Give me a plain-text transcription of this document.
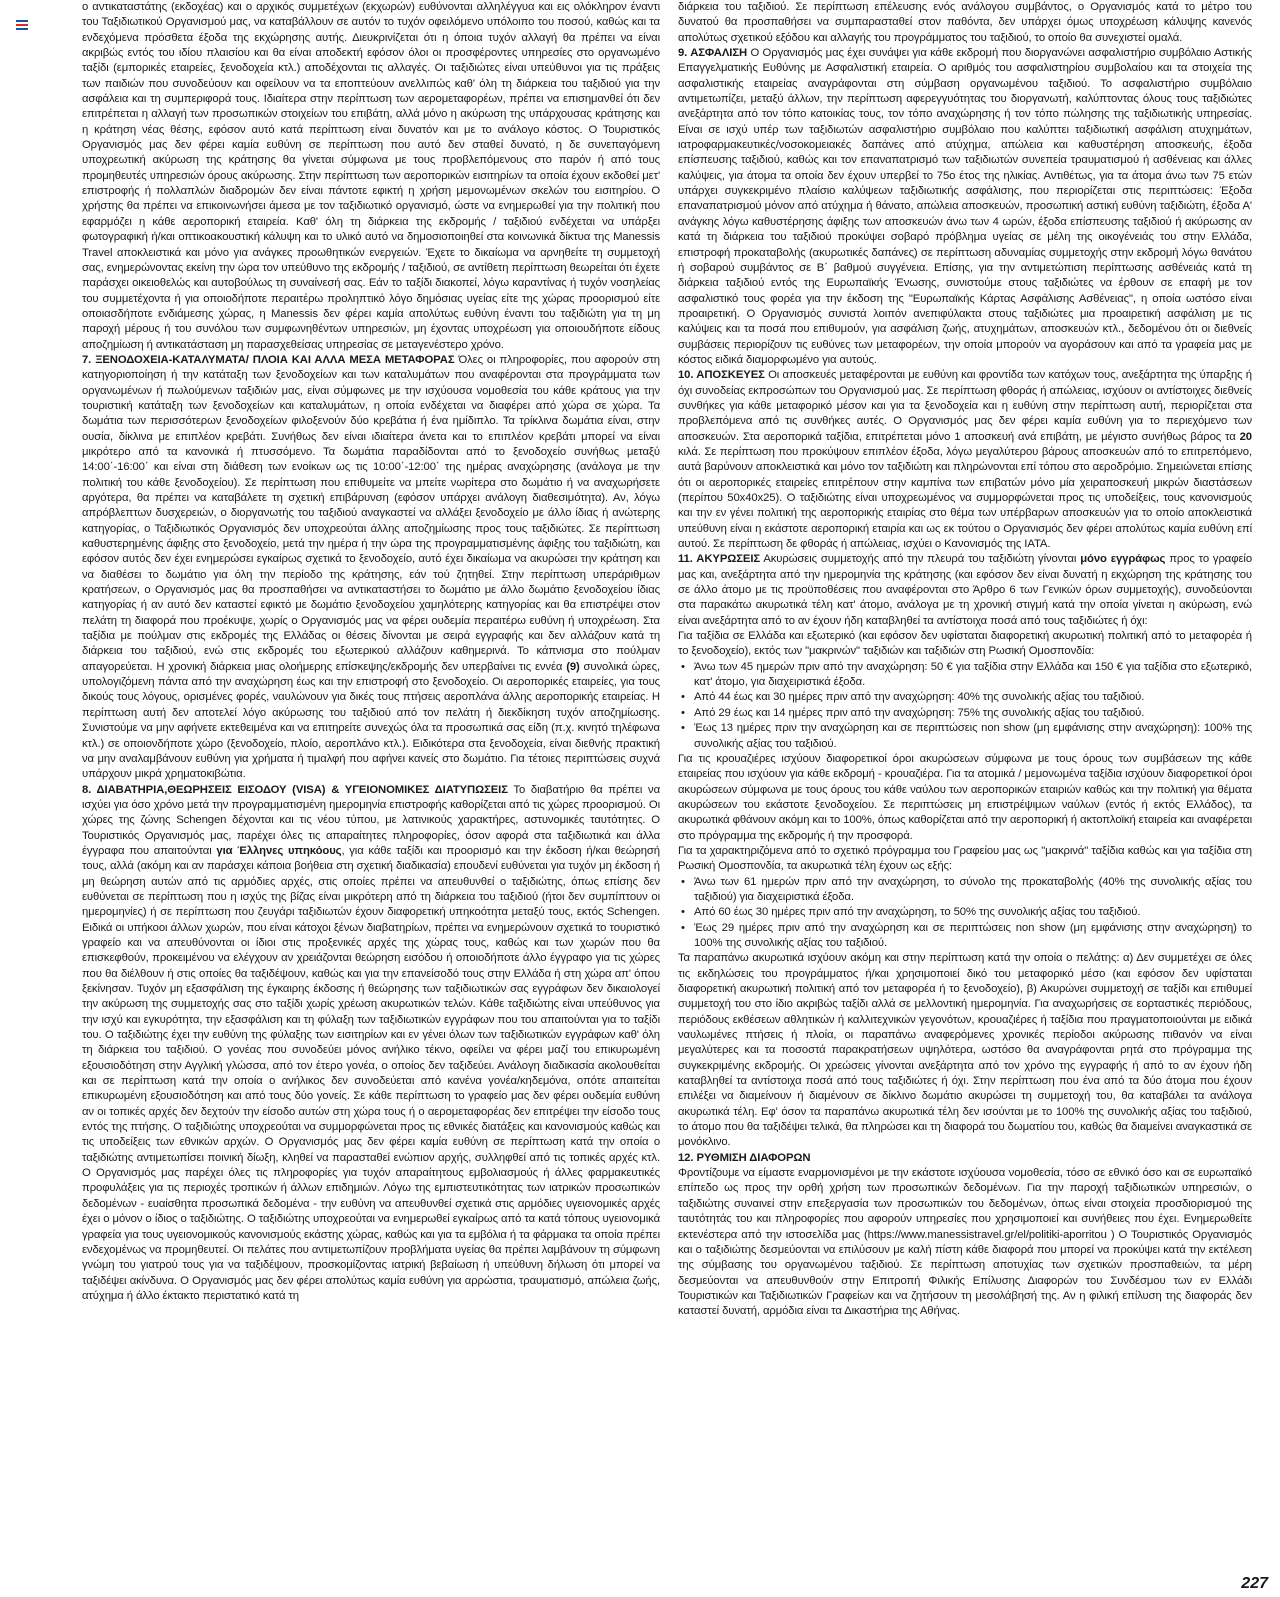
ο αντικαταστάτης (εκδοχέας) και ο αρχικός συμμετέχων (εκχωρών) ευθύνονται αλληλέγγυα και εις ολόκληρον έναντι του Ταξιδιωτικού Οργανισμού μας, να καταβάλλουν σε αυτόν το τυχόν οφειλόμενο υπόλοιπο του ποσού, καθώς και τα ενδεχόμενα πρόσθετα έξοδα της εκχώρησης αυτής. Διευκρινίζεται ότι η όποια τυχόν αλλαγή θα πρέπει να είναι ακριβώς εντός του ιδίου πλαισίου και θα είναι αποδεκτή εφόσον όλοι οι προσφέροντες υπηρεσίες στο οργανωμένο ταξίδι (εμπορικές εταιρείες, ξενοδοχεία κτλ.) αποδέχονται τις αλλαγές. Οι ταξιδιώτες είναι υπεύθυνοι για τις πράξεις των παιδιών που συνοδεύουν και οφείλουν να τα εποπτεύουν ανελλιπώς καθ' όλη τη διάρκεια του ταξιδιού για την ασφάλεια και τη συμπεριφορά τους. Ιδιαίτερα στην περίπτωση των αερομεταφορέων, πρέπει να επισημανθεί ότι δεν επιτρέπεται η αλλαγή των προσωπικών στοιχείων του επιβάτη, αλλά μόνο η ακύρωση της υπάρχουσας κράτησης και η κράτηση νέας θέσης, εφόσον αυτό κατά περίπτωση είναι δυνατόν και με το ανάλογο κόστος. Ο Τουριστικός Οργανισμός μας δεν φέρει καμία ευθύνη σε περίπτωση που αυτό δεν σταθεί δυνατό, η δε συνεπαγόμενη υποχρεωτική ακύρωση της κράτησης θα γίνεται σύμφωνα με τους προβλεπόμενους στο παρόν ή από τους προμηθευτές υπηρεσιών όρους ακύρωσης. Στην περίπτωση των αεροπορικών εισιτηρίων τα οποία έχουν εκδοθεί μετ' επιστροφής ή πολλαπλών διαδρομών δεν είναι πάντοτε εφικτή η χρήση μεμονωμένων σκελών του εισιτηρίου. Ο χρήστης θα πρέπει να επικοινωνήσει άμεσα με τον ταξιδιωτικό οργανισμό, ώστε να ενημερωθεί για την πολιτική που εφαρμόζει η κάθε αεροπορική εταιρεία. Καθ' όλη τη διάρκεια της εκδρομής / ταξιδιού ενδέχεται να υπάρξει φωτογραφική ή/και οπτικοακουστική κάλυψη και το υλικό αυτό να δημοσιοποιηθεί στα κοινωνικά δίκτυα της Manessis Travel αποκλειστικά και μόνο για ανάγκες προωθητικών ενεργειών. Έχετε το δικαίωμα να αρνηθείτε τη συμμετοχή σας, ενημερώνοντας εκείνη την ώρα τον υπεύθυνο της εκδρομής / ταξιδιού, σε αντίθετη περίπτωση θεωρείται ότι έχετε παράσχει οικειοθελώς και αυτοβούλως τη συναίνεσή σας. Εάν το ταξίδι διακοπεί, λόγω καραντίνας ή τυχόν νοσηλείας του συμμετέχοντα ή για οποιοδήποτε περαιτέρω προληπτικό λόγο δημόσιας υγείας είτε της χώρας προορισμού είτε οποιασδήποτε ενδιάμεσης χώρας, η Manessis δεν φέρει καμία απολύτως ευθύνη έναντι του ταξιδιώτη για τη μη παροχή μέρους ή του συνόλου των συμφωνηθέντων υπηρεσιών, μη έχοντας υποχρέωση για οποιουδήποτε είδους αποζημίωση ή αντικατάσταση μη παρασχεθείσας υπηρεσίας σε μεταγενέστερο χρόνο.

7. ΞΕΝΟΔΟΧΕΙΑ-ΚΑΤΑΛΥΜΑΤΑ/ ΠΛΟΙΑ ΚΑΙ ΑΛΛΑ ΜΕΣΑ ΜΕΤΑΦΟΡΑΣ Όλες οι πληροφορίες, που αφορούν στη κατηγοριοποίηση ή την κατάταξη των ξενοδοχείων και των καταλυμάτων που αναφέρονται στα προγράμματα των οργανωμένων ή πωλούμενων ταξιδιών μας, είναι σύμφωνες με την ισχύουσα νομοθεσία του κάθε κράτους για την τουριστική κατάταξη των ξενοδοχείων και καταλυμάτων, η οποία ενδέχεται να διαφέρει από χώρα σε χώρα. Τα δωμάτια των περισσότερων ξενοδοχείων φιλοξενούν δύο κρεβάτια ή ένα ημίδιπλο. Τα τρίκλινα δωμάτια είναι, στην ουσία, δίκλινα με επιπλέον κρεβάτι. Συνήθως δεν είναι ιδιαίτερα άνετα και το επιπλέον κρεβάτι μπορεί να είναι μικρότερο από τα κανονικά ή πτυσσόμενο. Τα δωμάτια παραδίδονται από το ξενοδοχείο συνήθως μεταξύ 14:00΄-16:00΄ και είναι στη διάθεση των ενοίκων ως τις 10:00΄-12:00΄ της ημέρας αναχώρησης (ανάλογα με την πολιτική του κάθε ξενοδοχείου). Σε περίπτωση που επιθυμείτε να μπείτε νωρίτερα στο δωμάτιο ή να αναχωρήσετε αργότερα, θα πρέπει να καταβάλετε τη σχετική επιβάρυνση (εφόσον υπάρχει ανάλογη διαθεσιμότητα). Αν, λόγω απρόβλεπτων δυσχερειών, ο διοργανωτής του ταξιδιού αναγκαστεί να αλλάξει ξενοδοχείο με άλλο ίδιας ή ανώτερης κατηγορίας, ο Ταξιδιωτικός Οργανισμός δεν υποχρεούται άλλης αποζημίωσης προς τους ταξιδιώτες. Σε περίπτωση καθυστερημένης άφιξης στο ξενοδοχείο, μετά την ημέρα ή την ώρα της προγραμματισμένης άφιξης του ταξιδιώτη, και εφόσον αυτός δεν έχει ενημερώσει εγκαίρως σχετικά το ξενοδοχείο, αυτό έχει δικαίωμα να ακυρώσει την κράτηση και να διαθέσει το δωμάτιο για όλη την περίοδο της κράτησης, εάν τού ζητηθεί. Στην περίπτωση υπεράριθμων κρατήσεων, ο Οργανισμός μας θα προσπαθήσει να αντικαταστήσει το δωμάτιο με άλλο δωμάτιο ξενοδοχείου ίδιας κατηγορίας ή αν αυτό δεν καταστεί εφικτό με δωμάτιο ξενοδοχείου χαμηλότερης κατηγορίας και θα επιστρέψει στον πελάτη τη διαφορά που προέκυψε, χωρίς ο Οργανισμός μας να φέρει ουδεμία περαιτέρω ευθύνη ή υποχρέωση. Στα ταξίδια με πούλμαν στις εκδρομές της Ελλάδας οι θέσεις δίνονται με σειρά εγγραφής και δεν αλλάζουν κατά τη διάρκεια του ταξιδιού, ενώ στις εκδρομές του εξωτερικού αλλάζουν καθημερινά. Το κάπνισμα στο πούλμαν απαγορεύεται. Η χρονική διάρκεια μιας ολοήμερης επίσκεψης/εκδρομής δεν υπερβαίνει τις εννέα (9) συνολικά ώρες, υπολογιζόμενη πάντα από την αναχώρηση έως και την επιστροφή στο ξενοδοχείο. Οι αεροπορικές εταιρείες, για τους δικούς τους λόγους, ορισμένες φορές, ναυλώνουν για δικές τους πτήσεις αεροπλάνα άλλης αεροπορικής εταιρείας. Η περίπτωση αυτή δεν αποτελεί λόγο ακύρωσης του ταξιδιού από τον πελάτη ή διεκδίκηση τυχόν αποζημίωσης. Συνιστούμε να μην αφήνετε εκτεθειμένα και να επιτηρείτε συνεχώς όλα τα προσωπικά σας είδη (π.χ. κινητό τηλέφωνα κτλ.) σε οποιονδήποτε χώρο (ξενοδοχείο, πλοίο, αεροπλάνο κτλ.). Ειδικότερα στα ξενοδοχεία, είναι διεθνής πρακτική να μην αναλαμβάνουν ευθύνη για χρήματα ή τιμαλφή που αφήνει κανείς στο δωμάτιο. Για τέτοιες περιπτώσεις συχνά υπάρχουν μικρά χρηματοκιβώτια.

8. ΔΙΑΒΑΤΗΡΙΑ,ΘΕΩΡΗΣΕΙΣ ΕΙΣΟΔΟΥ (VISA) & ΥΓΕΙΟΝΟΜΙΚΕΣ ΔΙΑΤΥΠΩΣΕΙΣ Το διαβατήριο θα πρέπει να ισχύει για όσο χρόνο μετά την προγραμματισμένη ημερομηνία επιστροφής καθορίζεται από τις χώρες προορισμού. Οι χώρες της ζώνης Schengen δέχονται και τις νέου τύπου, με λατινικούς χαρακτήρες, αστυνομικές ταυτότητες. Ο Τουριστικός Οργανισμός μας, παρέχει όλες τις απαραίτητες πληροφορίες, όσον αφορά στα ταξιδιωτικά και άλλα έγγραφα που απαιτούνται για Έλληνες υπηκόους, για κάθε ταξίδι και προορισμό και την έκδοση ή/και θεώρησή τους, αλλά (ακόμη και αν παράσχει κάποια βοήθεια στη σχετική διαδικασία) επουδενί ευθύνεται για τυχόν μη έκδοση ή μη θεώρηση αυτών από τις αρμόδιες αρχές, στις οποίες πρέπει να απευθυνθεί ο ταξιδιώτης, όπως επίσης δεν ευθύνεται σε περίπτωση που η ισχύς της βίζας είναι μικρότερη από τη διάρκεια του ταξιδιού (ήτοι δεν συμπίπτουν οι ημερομηνίες) ή σε περίπτωση που ζευγάρι ταξιδιωτών έχουν διαφορετική υπηκοότητα μεταξύ τους, εκτός Schengen. Ειδικά οι υπήκοοι άλλων χωρών, που είναι κάτοχοι ξένων διαβατηρίων, πρέπει να ενημερώνουν σχετικά το τουριστικό γραφείο και να απευθύνονται οι ίδιοι στις προξενικές αρχές της χώρας τους, καθώς και των χωρών που θα επισκεφθούν, προκειμένου να ελέγχουν αν χρειάζονται θεώρηση εισόδου ή οποιοδήποτε άλλο έγγραφο για τις χώρες που θα διέλθουν ή στις οποίες θα ταξιδέψουν, καθώς και για την επανείσοδό τους στην Ελλάδα ή στη χώρα απ' όπου ξεκίνησαν. Τυχόν μη εξασφάλιση της έγκαιρης έκδοσης ή θεώρησης των ταξιδιωτικών σας εγγράφων δεν δικαιολογεί την ακύρωση της συμμετοχής σας στο ταξίδι χωρίς χρέωση ακυρωτικών τελών. Κάθε ταξιδιώτης είναι υπεύθυνος για την ισχύ και εγκυρότητα, την εξασφάλιση και τη φύλαξη των ταξιδιωτικών εγγράφων που του απαιτούνται για το ταξίδι του. Ο ταξιδιώτης έχει την ευθύνη της φύλαξης των εισιτηρίων και εν γένει όλων των ταξιδιωτικών εγγράφων καθ' όλη τη διάρκεια του ταξιδιού. Ο γονέας που συνοδεύει μόνος ανήλικο τέκνο, οφείλει να φέρει μαζί του επικυρωμένη εξουσιοδότηση στην Αγγλική γλώσσα, από τον έτερο γονέα, ο οποίος δεν ταξιδεύει. Ανάλογη διαδικασία ακολουθείται και σε περίπτωση κατά την οποία ο ανήλικος δεν συνοδεύεται από κανένα γονέα/κηδεμόνα, οπότε απαιτείται επικυρωμένη εξουσιοδότηση και από τους δύο γονείς. Σε κάθε περίπτωση το γραφείο μας δεν φέρει ουδεμία ευθύνη αν οι τοπικές αρχές δεν δεχτούν την είσοδο αυτών στη χώρα τους ή ο αερομεταφορέας δεν επιτρέψει την είσοδο τους εντός της πτήσης. Ο ταξιδιώτης υποχρεούται να συμμορφώνεται προς τις εθνικές διατάξεις και κανονισμούς καθώς και τις υποδείξεις των εθνικών αρχών. Ο Οργανισμός μας δεν φέρει καμία ευθύνη σε περίπτωση κατά την οποία ο ταξιδιώτης αντιμετωπίσει ποινική δίωξη, κληθεί να παρασταθεί ενώπιον αρχής, συλληφθεί από τις τοπικές αρχές κτλ. Ο Οργανισμός μας παρέχει όλες τις πληροφορίες για τυχόν απαραίτητους εμβολιασμούς ή άλλες φαρμακευτικές προφυλάξεις για τις περιοχές τροπικών ή άλλων επιδημιών. Λόγω της εμπιστευτικότητας των ιατρικών προσωπικών δεδομένων - ευαίσθητα προσωπικά δεδομένα - την ευθύνη να απευθυνθεί σχετικά στις αρμόδιες υγειονομικές αρχές έχει ο μόνον ο ίδιος ο ταξιδιώτης. Ο ταξιδιώτης υποχρεούται να ενημερωθεί εγκαίρως από τα κατά τόπους υγειονομικά γραφεία για τους υγειονομικούς κανονισμούς εκάστης χώρας, καθώς και για τα εμβόλια ή τα φάρμακα τα οποία πρέπει ενδεχομένως να προμηθευτεί. Οι πελάτες που αντιμετωπίζουν προβλήματα υγείας θα πρέπει λαμβάνουν τη σύμφωνη γνώμη του γιατρού τους για να ταξιδέψουν, προσκομίζοντας ιατρική βεβαίωση ή υπεύθυνη δήλωση ότι μπορεί να ταξιδέψει ακίνδυνα. Ο Οργανισμός μας δεν φέρει απολύτως καμία ευθύνη για αρρώστια, τραυματισμό, απώλεια ζωής, ατύχημα ή άλλο έκτακτο περιστατικό κατά τη

διάρκεια του ταξιδιού. Σε περίπτωση επέλευσης ενός ανάλογου συμβάντος, ο Οργανισμός κατά το μέτρο του δυνατού θα προσπαθήσει να συμπαρασταθεί στον παθόντα, δεν υπάρχει όμως υποχρέωση κάλυψης κανενός απολύτως σχετικού εξόδου και αλλαγής του προγράμματος του ταξιδιού, το οποίο θα συνεχιστεί ομαλά.

9. ΑΣΦΑΛΙΣΗ Ο Οργανισμός μας έχει συνάψει για κάθε εκδρομή που διοργανώνει ασφαλιστήριο συμβόλαιο Αστικής Επαγγελματικής Ευθύνης με Ασφαλιστική εταιρεία. Ο αριθμός του ασφαλιστηρίου συμβολαίου και τα στοιχεία της ασφαλιστικής εταιρείας αναγράφονται στη σύμβαση οργανωμένου ταξιδιού. Το ασφαλιστήριο συμβόλαιο αντιμετωπίζει, μεταξύ άλλων, την περίπτωση αφερεγγυότητας του διοργανωτή, καλύπτοντας όλους τους ταξιδιώτες ανεξάρτητα από τον τόπο κατοικίας τους, τον τόπο αναχώρησης ή τον τόπο πώλησης της ταξιδιωτικής υπηρεσίας. Είναι σε ισχύ υπέρ των ταξιδιωτών ασφαλιστήριο συμβόλαιο που καλύπτει ταξιδιωτική ασφάλιση ατυχημάτων, ιατροφαρμακευτικές/νοσοκομειακές δαπάνες από ατύχημα, απώλεια και καθυστέρηση αποσκευής, έξοδα επίσπευσης ταξιδιού, καθώς και τον επαναπατρισμό των ταξιδιωτών συνεπεία τραυματισμού ή ασθένειας και άλλες καλύψεις, για άτομα τα οποία δεν έχουν υπερβεί το 75ο έτος της ηλικίας. Αντιθέτως, για τα άτομα άνω των 75 ετών υπάρχει συγκεκριμένο πλαίσιο καλύψεων ταξιδιωτικής ασφάλισης, που περιορίζεται στις περιπτώσεις: Έξοδα επαναπατρισμού μόνον από ατύχημα ή θάνατο, απώλεια αποσκευών, προσωπική αστική ευθύνη ταξιδιώτη, έξοδα Α' ανάγκης λόγω καθυστέρησης άφιξης των αποσκευών άνω των 4 ωρών, έξοδα επίσπευσης ταξιδιού ή ακύρωσης αν κατά τη διάρκεια του ταξιδιού προκύψει σοβαρό πρόβλημα υγείας σε μέλη της οικογένειάς του στην Ελλάδα, επιστροφή προκαταβολής (ακυρωτικές δαπάνες) σε περίπτωση αδυναμίας συμμετοχής στην εκδρομή λόγω θανάτου ή σοβαρού συμβάντος σε Β΄ βαθμού συγγένεια. Επίσης, για την αντιμετώπιση περίπτωσης ασθένειάς κατά τη διάρκεια ταξιδιού εντός της Ευρωπαϊκής Ένωσης, συνιστούμε στους ταξιδιώτες να έρθουν σε επαφή με τον ασφαλιστικό τους φορέα για την έκδοση της "Ευρωπαϊκής Κάρτας Ασφάλισης Ασθένειας", η οποία ωστόσο είναι προαιρετική. Ο Οργανισμός συνιστά λοιπόν ανεπιφύλακτα στους ταξιδιώτες μια προαιρετική ασφάλιση με τις καλύψεις και τα ποσά που επιθυμούν, για ασφάλιση ζωής, ατυχημάτων, αποσκευών κτλ., δεδομένου ότι οι διεθνείς συμβάσεις περιορίζουν τις ευθύνες των μεταφορέων, την οποία μπορούν να αγοράσουν και από τα γραφεία μας με κόστος ειδικά διαμορφωμένο για αυτούς.

10. ΑΠΟΣΚΕΥΕΣ Οι αποσκευές μεταφέρονται με ευθύνη και φροντίδα των κατόχων τους, ανεξάρτητα της ύπαρξης ή όχι συνοδείας εκπροσώπων του Οργανισμού μας. Σε περίπτωση φθοράς ή απώλειας, ισχύουν οι αντίστοιχες διεθνείς συνθήκες για κάθε μεταφορικό μέσον και για τα ξενοδοχεία και η ευθύνη στην περίπτωση αυτή, περιορίζεται στα προβλεπόμενα από τις συνθήκες αυτές. Ο Οργανισμός μας δεν φέρει καμία ευθύνη για το περιεχόμενο των αποσκευών. Στα αεροπορικά ταξίδια, επιτρέπεται μόνο 1 αποσκευή ανά επιβάτη, με μέγιστο συνήθως βάρος τα 20 κιλά. Σε περίπτωση που προκύψουν επιπλέον έξοδα, λόγω μεγαλύτερου βάρους αποσκευών από το επιτρεπόμενο, αυτά βαρύνουν αποκλειστικά και μόνο τον ταξιδιώτη και πληρώνονται επί τόπου στο αεροδρόμιο. Σημειώνεται επίσης ότι οι αεροπορικές εταιρείες επιτρέπουν στην καμπίνα των επιβατών μόνο μία χειραποσκευή μικρών διαστάσεων (περίπου 50x40x25). Ο ταξιδιώτης είναι υποχρεωμένος να συμμορφώνεται προς τις υποδείξεις, τους κανονισμούς και την εν γένει πολιτική της αεροπορικής εταιρίας στο θέμα των υπέρβαρων αποσκευών για το οποίο αποκλειστικά υπεύθυνη είναι η εκάστοτε αεροπορική εταιρία και ως εκ τούτου ο Οργανισμός δεν φέρει απολύτως καμία ευθύνη επί αυτού. Σε περίπτωση δε φθοράς ή απώλειας, ισχύει ο Κανονισμός της ΙΑΤΑ.

11. ΑΚΥΡΩΣΕΙΣ Ακυρώσεις συμμετοχής από την πλευρά του ταξιδιώτη γίνονται μόνο εγγράφως προς το γραφείο μας και, ανεξάρτητα από την ημερομηνία της κράτησης (και εφόσον δεν είναι δυνατή η εκχώρηση της κράτησης του σε άλλο άτομο με τις προϋποθέσεις που αναφέρονται στο Άρθρο 6 των Γενικών όρων συμμετοχής), συνοδεύονται στα παρακάτω ακυρωτικά τέλη κατ' άτομο, ανάλογα με τη χρονική στιγμή κατά την οποία γίνεται η ακύρωση, ενώ είναι ανεξάρτητα από το αν έχουν ήδη καταβληθεί τα αντίστοιχα ποσά από τους ταξιδιώτες ή όχι:

Για ταξίδια σε Ελλάδα και εξωτερικό (και εφόσον δεν υφίσταται διαφορετική ακυρωτική πολιτική από το μεταφορέα ή το ξενοδοχείο), εκτός των "μακρινών" ταξιδιών και ταξιδιών στη Ρωσική Ομοσπονδία:

• Άνω των 45 ημερών πριν από την αναχώρηση: 50 € για ταξίδια στην Ελλάδα και 150 € για ταξίδια στο εξωτερικό, κατ' άτομο, για διαχειριστικά έξοδα.
• Από 44 έως και 30 ημέρες πριν από την αναχώρηση: 40% της συνολικής αξίας του ταξιδιού.
• Από 29 έως και 14 ημέρες πριν από την αναχώρηση: 75% της συνολικής αξίας του ταξιδιού.
• Έως 13 ημέρες πριν την αναχώρηση και σε περιπτώσεις non show (μη εμφάνισης στην αναχώρηση): 100% της συνολικής αξίας του ταξιδιού.

Για τις κρουαζιέρες ισχύουν διαφορετικοί όροι ακυρώσεων σύμφωνα με τους όρους των συμβάσεων της κάθε εταιρείας που ισχύουν για κάθε εκδρομή - κρουαζιέρα. Για τα ατομικά / μεμονωμένα ταξίδια ισχύουν διαφορετικοί όροι ακυρώσεων σύμφωνα με τους όρους του κάθε ναύλου των αεροπορικών εταιριών καθώς και την πολιτική για θέματα ακυρώσεων του εκάστοτε ξενοδοχείου. Σε περιπτώσεις μη επιστρέψιμων ναύλων (εντός ή εκτός Ελλάδος), τα ακυρωτικά φθάνουν ακόμη και το 100%, όπως καθορίζεται από την αεροπορική ή ακτοπλοϊκή εταιρεία και αναφέρεται στο πρόγραμμα της εκδρομής ή την προσφορά.

Για τα χαρακτηριζόμενα από το σχετικό πρόγραμμα του Γραφείου μας ως "μακρινά" ταξίδια καθώς και για ταξίδια στη Ρωσική Ομοσπονδία, τα ακυρωτικά τέλη έχουν ως εξής:

• Άνω των 61 ημερών πριν από την αναχώρηση, το σύνολο της προκαταβολής (40% της συνολικής αξίας του ταξιδιού) για διαχειριστικά έξοδα.
• Από 60 έως 30 ημέρες πριν από την αναχώρηση, το 50% της συνολικής αξίας του ταξιδιού.
• Έως 29 ημέρες πριν από την αναχώρηση και σε περιπτώσεις non show (μη εμφάνισης στην αναχώρηση) το 100% της συνολικής αξίας του ταξιδιού.

Τα παραπάνω ακυρωτικά ισχύουν ακόμη και στην περίπτωση κατά την οποία ο πελάτης: α) Δεν συμμετέχει σε όλες τις εκδηλώσεις του προγράμματος ή/και χρησιμοποιεί δικό του μεταφορικό μέσο (και εφόσον δεν υφίσταται διαφορετική ακυρωτική πολιτική από τον μεταφορέα ή το ξενοδοχείο), β) Ακυρώνει συμμετοχή σε ταξίδι και επιθυμεί συμμετοχή του στο ίδιο ακριβώς ταξίδι αλλά σε μελλοντική ημερομηνία. Για αναχωρήσεις σε εορταστικές περιόδους, περιόδους εκθέσεων αθλητικών ή καλλιτεχνικών γεγονότων, κρουαζιέρες ή ταξίδια που πραγματοποιούνται με ειδικά ναυλωμένες πτήσεις ή πλοία, οι παραπάνω αναφερόμενες χρονικές περίοδοι ακύρωσης πιθανόν να είναι μεγαλύτερες και τα ποσοστά παρακρατήσεων υψηλότερα, ωστόσο θα αναγράφονται ρητά στο πρόγραμμα της συγκεκριμένης εκδρομής. Οι χρεώσεις γίνονται ανεξάρτητα από τον χρόνο της εγγραφής ή από το αν έχουν ήδη καταβληθεί τα αντίστοιχα ποσά από τους ταξιδιώτες ή όχι. Στην περίπτωση που ένα από τα δύο άτομα που έχουν επιλέξει να διαμείνουν ή διαμένουν σε δίκλινο δωμάτιο ακυρώσει τη συμμετοχή του, θα καταβάλει τα ανάλογα ακυρωτικά τέλη. Εφ' όσον τα παραπάνω ακυρωτικά τέλη δεν ισούνται με το 100% της συνολικής αξίας του ταξιδιού, το άτομο που θα ταξιδέψει τελικά, θα πληρώσει και τη διαφορά του δωματίου του, καθώς θα διαμείνει αναγκαστικά σε μονόκλινο.

12. ΡΥΘΜΙΣΗ ΔΙΑΦΟΡΩΝ

Φροντίζουμε να είμαστε εναρμονισμένοι με την εκάστοτε ισχύουσα νομοθεσία, τόσο σε εθνικό όσο και σε ευρωπαϊκό επίπεδο ως προς την ορθή χρήση των προσωπικών δεδομένων. Για την παροχή ταξιδιωτικών υπηρεσιών, ο ταξιδιώτης συναινεί στην επεξεργασία των προσωπικών του δεδομένων, όπως είναι στοιχεία προσδιορισμού της ταυτότητάς του και πληροφορίες που αφορούν υπηρεσίες που χρησιμοποιεί και συνήθειες που έχει. Ενημερωθείτε εκτενέστερα από την ιστοσελίδα μας (https://www.manessistravel.gr/el/politiki-aporritou ) Ο Τουριστικός Οργανισμός και ο ταξιδιώτης δεσμεύονται να επιλύσουν με καλή πίστη κάθε διαφορά που μπορεί να προκύψει κατά την εκτέλεση της σύμβασης του οργανωμένου ταξιδιού. Σε περίπτωση αποτυχίας των σχετικών προσπαθειών, τα μέρη δεσμεύονται να απευθυνθούν στην Επιτροπή Φιλικής Επίλυσης Διαφορών του Συνδέσμου των εν Ελλάδι Τουριστικών και Ταξιδιωτικών Γραφείων και να ζητήσουν τη μεσολάβησή της. Αν η φιλική επίλυση της διαφοράς δεν καταστεί δυνατή, αρμόδια είναι τα Δικαστήρια της Αθήνας.

227
